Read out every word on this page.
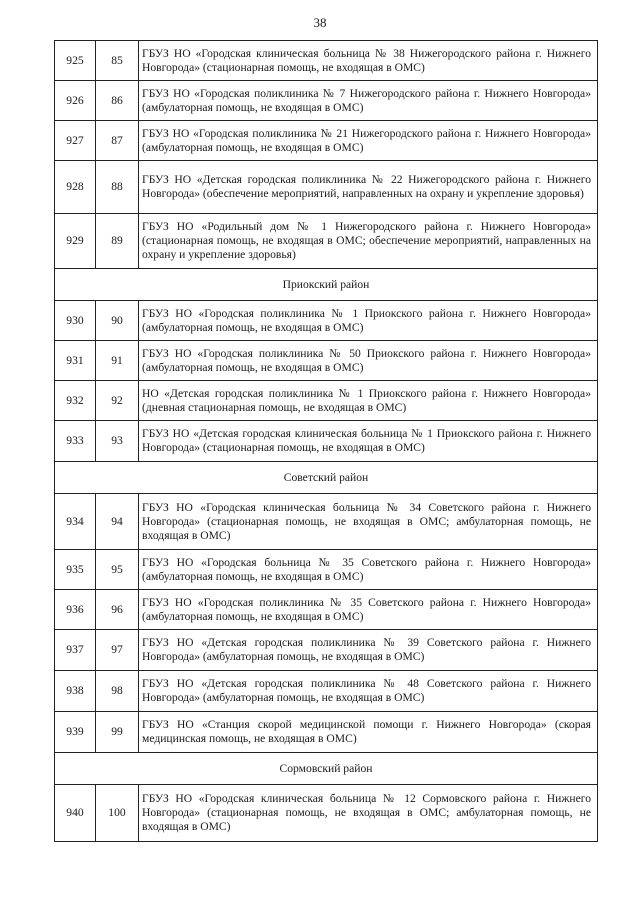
38
925	85	ГБУЗ НО «Городская клиническая больница № 38 Нижегородского района г. Нижнего Новгорода» (стационарная помощь, не входящая в ОМС)
926	86	ГБУЗ НО «Городская поликлиника № 7 Нижегородского района г. Нижнего Новгорода» (амбулаторная помощь, не входящая в ОМС)
927	87	ГБУЗ НО «Городская поликлиника № 21 Нижегородского района г. Нижнего Новгорода» (амбулаторная помощь, не входящая в ОМС)
928	88	ГБУЗ НО «Детская городская поликлиника № 22 Нижегородского района г. Нижнего Новгорода» (обеспечение мероприятий, направленных на охрану и укрепление здоровья)
929	89	ГБУЗ НО «Родильный дом № 1 Нижегородского района г. Нижнего Новгорода» (стационарная помощь, не входящая в ОМС; обеспечение мероприятий, направленных на охрану и укрепление здоровья)
Приокский район		
930	90	ГБУЗ НО «Городская поликлиника № 1 Приокского района г. Нижнего Новгорода» (амбулаторная помощь, не входящая в ОМС)
931	91	ГБУЗ НО «Городская поликлиника № 50 Приокского района г. Нижнего Новгорода» (амбулаторная помощь, не входящая в ОМС)
932	92	НО «Детская городская поликлиника № 1 Приокского района г. Нижнего Новгорода» (дневная стационарная помощь, не входящая в ОМС)
933	93	ГБУЗ НО «Детская городская клиническая больница № 1 Приокского района г. Нижнего Новгорода» (стационарная помощь, не входящая в ОМС)
Советский район		
934	94	ГБУЗ НО «Городская клиническая больница № 34 Советского района г. Нижнего Новгорода» (стационарная помощь, не входящая в ОМС; амбулаторная помощь, не входящая в ОМС)
935	95	ГБУЗ НО «Городская больница № 35 Советского района г. Нижнего Новгорода» (амбулаторная помощь, не входящая в ОМС)
936	96	ГБУЗ НО «Городская поликлиника № 35 Советского района г. Нижнего Новгорода» (амбулаторная помощь, не входящая в ОМС)
937	97	ГБУЗ НО «Детская городская поликлиника № 39 Советского района г. Нижнего Новгорода» (амбулаторная помощь, не входящая в ОМС)
938	98	ГБУЗ НО «Детская городская поликлиника № 48 Советского района г. Нижнего Новгорода» (амбулаторная помощь, не входящая в ОМС)
939	99	ГБУЗ НО «Станция скорой медицинской помощи г. Нижнего Новгорода» (скорая медицинская помощь, не входящая в ОМС)
Сормовский район		
940	100	ГБУЗ НО «Городская клиническая больница № 12 Сормовского района г. Нижнего Новгорода» (стационарная помощь, не входящая в ОМС; амбулаторная помощь, не входящая в ОМС)
